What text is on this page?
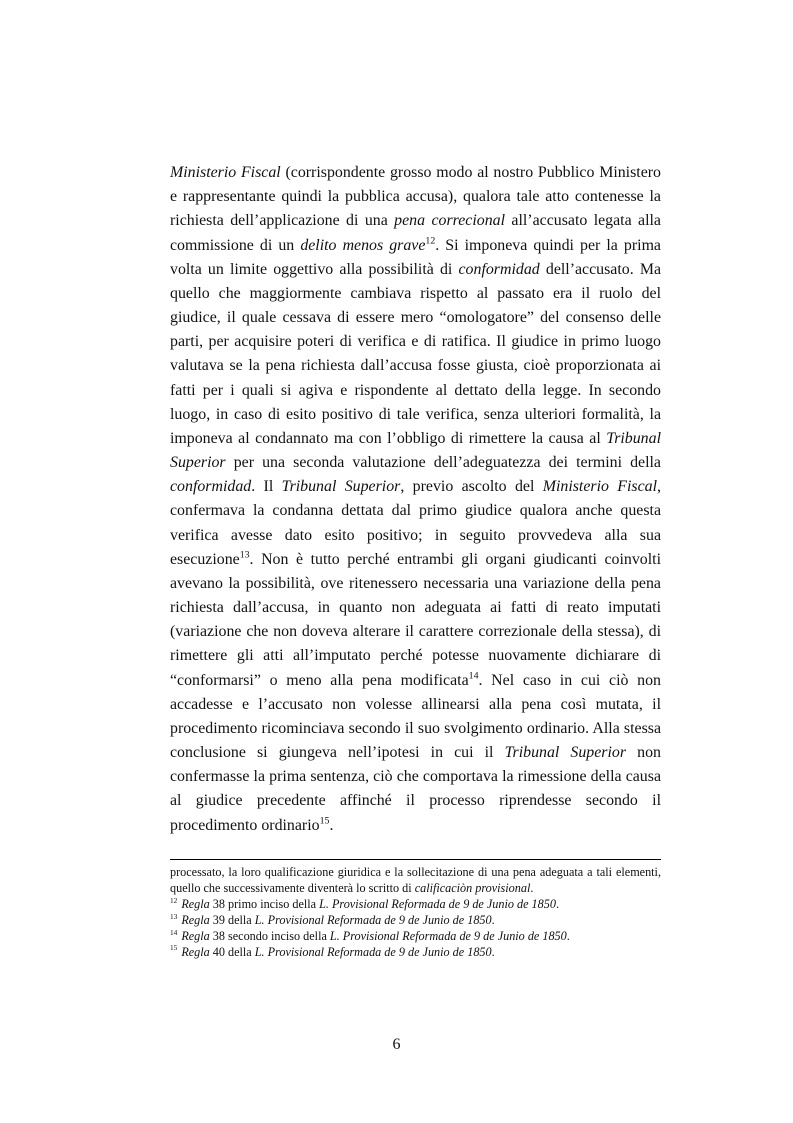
Ministerio Fiscal (corrispondente grosso modo al nostro Pubblico Ministero e rappresentante quindi la pubblica accusa), qualora tale atto contenesse la richiesta dell’applicazione di una pena correcional all’accusato legata alla commissione di un delito menos grave$^{12}$. Si imponeva quindi per la prima volta un limite oggettivo alla possibilità di conformidad dell’accusato. Ma quello che maggiormente cambiava rispetto al passato era il ruolo del giudice, il quale cessava di essere mero “omologatore” del consenso delle parti, per acquisire poteri di verifica e di ratifica. Il giudice in primo luogo valutava se la pena richiesta dall’accusa fosse giusta, cioè proporzionata ai fatti per i quali si agiva e rispondente al dettato della legge. In secondo luogo, in caso di esito positivo di tale verifica, senza ulteriori formalità, la imponeva al condannato ma con l’obbligo di rimettere la causa al Tribunal Superior per una seconda valutazione dell’adeguatezza dei termini della conformidad. Il Tribunal Superior, previo ascolto del Ministerio Fiscal, confermava la condanna dettata dal primo giudice qualora anche questa verifica avesse dato esito positivo; in seguito provvedeva alla sua esecuzione$^{13}$. Non è tutto perché entrambi gli organi giudicanti coinvolti avevano la possibilità, ove ritenessero necessaria una variazione della pena richiesta dall’accusa, in quanto non adeguata ai fatti di reato imputati (variazione che non doveva alterare il carattere correzionale della stessa), di rimettere gli atti all’imputato perché potesse nuovamente dichiarare di “conformarsi” o meno alla pena modificata$^{14}$. Nel caso in cui ciò non accadesse e l’accusato non volesse allinearsi alla pena così mutata, il procedimento ricominciava secondo il suo svolgimento ordinario. Alla stessa conclusione si giungeva nell’ipotesi in cui il Tribunal Superior non confermasse la prima sentenza, ciò che comportava la rimessione della causa al giudice precedente affinché il processo riprendesse secondo il procedimento ordinario$^{15}$.

processato, la loro qualificazione giuridica e la sollecitazione di una pena adeguata a tali elementi, quello che successivamente diventerà lo scritto di calificaciòn provisional.

$^{12}$ Regla 38 primo inciso della L. Provisional Reformada de 9 de Junio de 1850.

$^{13}$ Regla 39 della L. Provisional Reformada de 9 de Junio de 1850.

$^{14}$ Regla 38 secondo inciso della L. Provisional Reformada de 9 de Junio de 1850.

$^{15}$ Regla 40 della L. Provisional Reformada de 9 de Junio de 1850.

6
